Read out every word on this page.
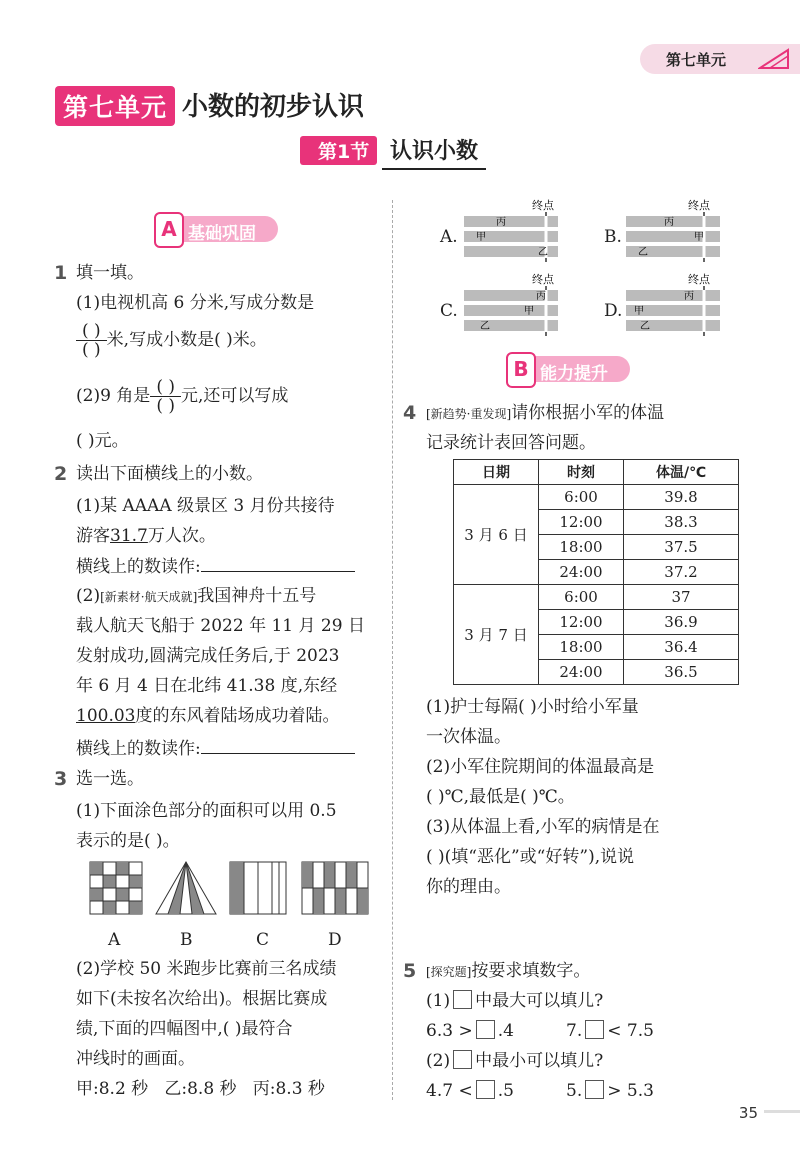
第七单元
第七单元 小数的初步认识
第1节 认识小数
A 基础巩固
1 填一填。
(1)电视机高 6 分米,写成分数是
$\frac{( )}{( )}$ 米,写成小数是( )米。
(2)9 角是 $\frac{( )}{( )}$ 元,还可以写成
( )元。
2 读出下面横线上的小数。
(1)某 AAAA 级景区 3 月份共接待
游客31.7万人次。
横线上的数读作:
(2)[新素材·航天成就]我国神舟十五号
载人航天飞船于 2022 年 11 月 29 日
发射成功,圆满完成任务后,于 2023
年 6 月 4 日在北纬 41.38 度,东经
100.03度的东风着陆场成功着陆。
横线上的数读作:
3 选一选。
(1)下面涂色部分的面积可以用 0.5
表示的是( )。
A	B	C	D
(2)学校 50 米跑步比赛前三名成绩
如下(未按名次给出)。根据比赛成
绩,下面的四幅图中,( )最符合
冲线时的画面。
甲:8.2 秒   乙:8.8 秒   丙:8.3 秒
A.	B.
C.	D.
终点
丙
甲
乙
终点
丙
甲
乙
终点
丙
甲
乙
终点
丙
甲
乙
B 能力提升
4 [新趋势·重发现]请你根据小军的体温
记录统计表回答问题。
日期	时刻	体温/℃
3 月 6 日	6:00	39.8
	12:00	38.3
	18:00	37.5
	24:00	37.2
3 月 7 日	6:00	37
	12:00	36.9
	18:00	36.4
	24:00	36.5
(1)护士每隔( )小时给小军量
一次体温。
(2)小军住院期间的体温最高是
( )℃,最低是( )℃。
(3)从体温上看,小军的病情是在
( )(填“恶化”或“好转”),说说
你的理由。
5 [探究题]按要求填数字。
(1) 中最大可以填儿?
6.3 > .4	7. < 7.5
(2) 中最小可以填儿?
4.7 < .5	5. > 5.3
35
